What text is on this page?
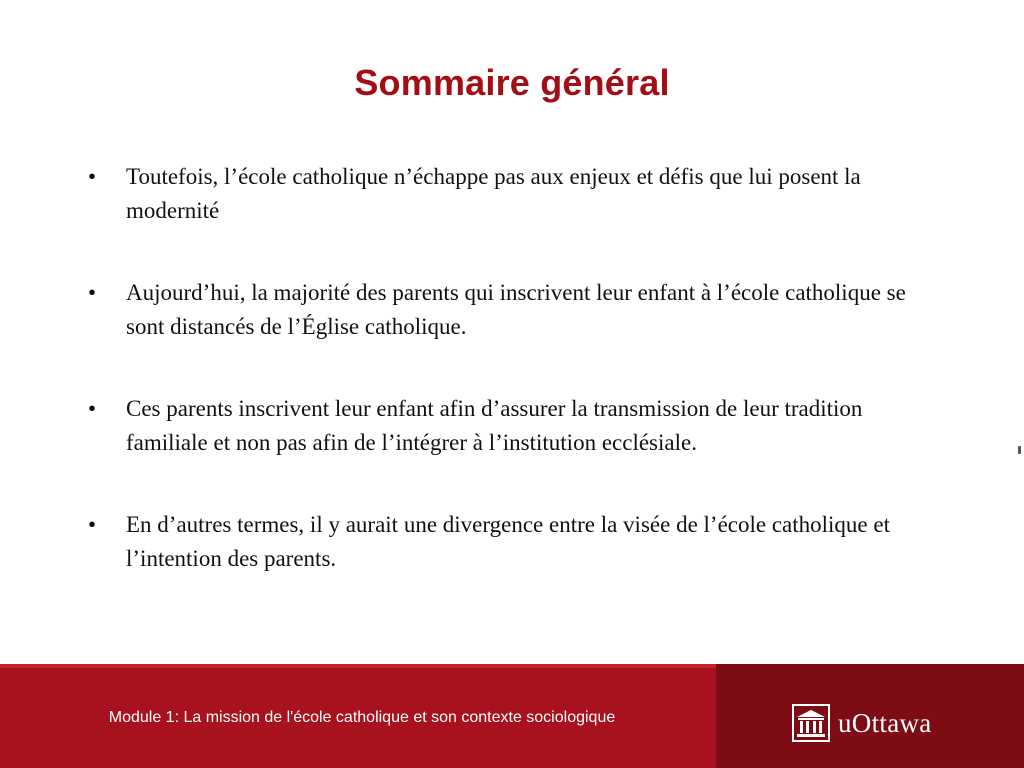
Sommaire général
•	Toutefois, l’école catholique n’échappe pas aux enjeux et défis que lui posent la modernité
•	Aujourd’hui, la majorité des parents qui inscrivent leur enfant à l’école catholique se sont distancés de l’Église catholique.
•	Ces parents inscrivent leur enfant afin d’assurer la transmission de leur tradition familiale et non pas afin de l’intégrer à l’institution ecclésiale.
•	En d’autres termes, il y aurait une divergence entre la visée de l’école catholique et l’intention des parents.
Module 1: La mission de l'école catholique et son contexte sociologique	uOttawa
